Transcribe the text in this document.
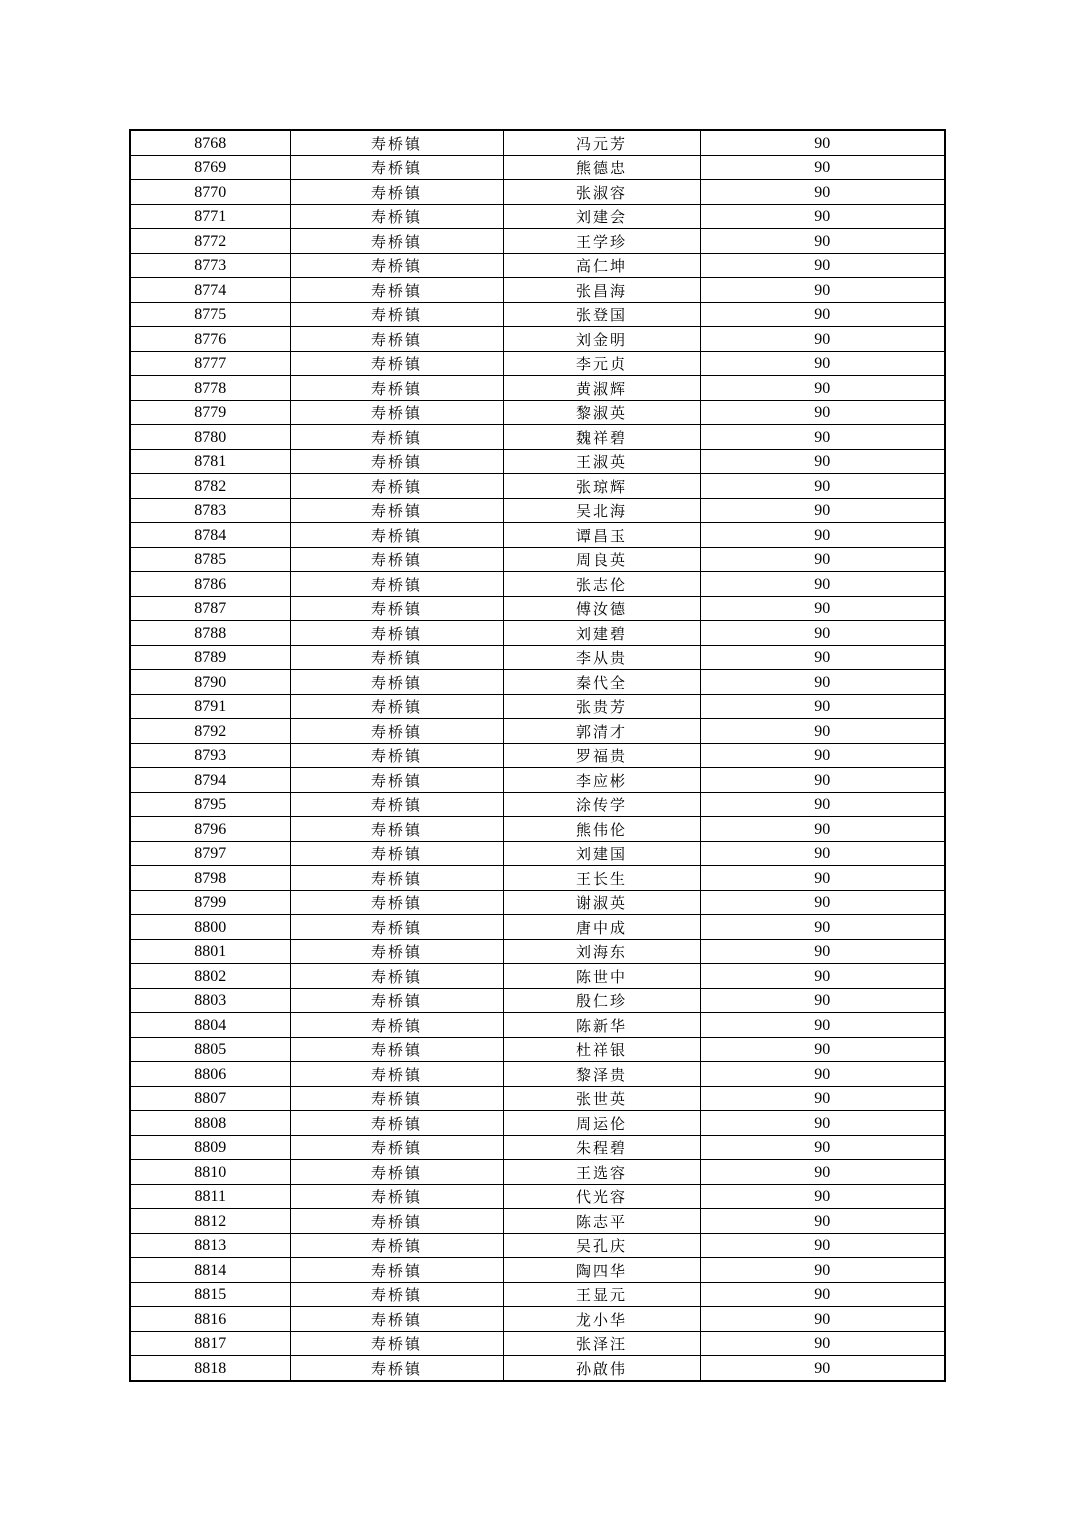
8768	寿桥镇	冯元芳	90
8769	寿桥镇	熊德忠	90
8770	寿桥镇	张淑容	90
8771	寿桥镇	刘建会	90
8772	寿桥镇	王学珍	90
8773	寿桥镇	高仁坤	90
8774	寿桥镇	张昌海	90
8775	寿桥镇	张登国	90
8776	寿桥镇	刘金明	90
8777	寿桥镇	李元贞	90
8778	寿桥镇	黄淑辉	90
8779	寿桥镇	黎淑英	90
8780	寿桥镇	魏祥碧	90
8781	寿桥镇	王淑英	90
8782	寿桥镇	张琼辉	90
8783	寿桥镇	吴北海	90
8784	寿桥镇	谭昌玉	90
8785	寿桥镇	周良英	90
8786	寿桥镇	张志伦	90
8787	寿桥镇	傅汝德	90
8788	寿桥镇	刘建碧	90
8789	寿桥镇	李从贵	90
8790	寿桥镇	秦代全	90
8791	寿桥镇	张贵芳	90
8792	寿桥镇	郭清才	90
8793	寿桥镇	罗福贵	90
8794	寿桥镇	李应彬	90
8795	寿桥镇	涂传学	90
8796	寿桥镇	熊伟伦	90
8797	寿桥镇	刘建国	90
8798	寿桥镇	王长生	90
8799	寿桥镇	谢淑英	90
8800	寿桥镇	唐中成	90
8801	寿桥镇	刘海东	90
8802	寿桥镇	陈世中	90
8803	寿桥镇	殷仁珍	90
8804	寿桥镇	陈新华	90
8805	寿桥镇	杜祥银	90
8806	寿桥镇	黎泽贵	90
8807	寿桥镇	张世英	90
8808	寿桥镇	周运伦	90
8809	寿桥镇	朱程碧	90
8810	寿桥镇	王选容	90
8811	寿桥镇	代光容	90
8812	寿桥镇	陈志平	90
8813	寿桥镇	吴孔庆	90
8814	寿桥镇	陶四华	90
8815	寿桥镇	王显元	90
8816	寿桥镇	龙小华	90
8817	寿桥镇	张泽汪	90
8818	寿桥镇	孙啟伟	90
